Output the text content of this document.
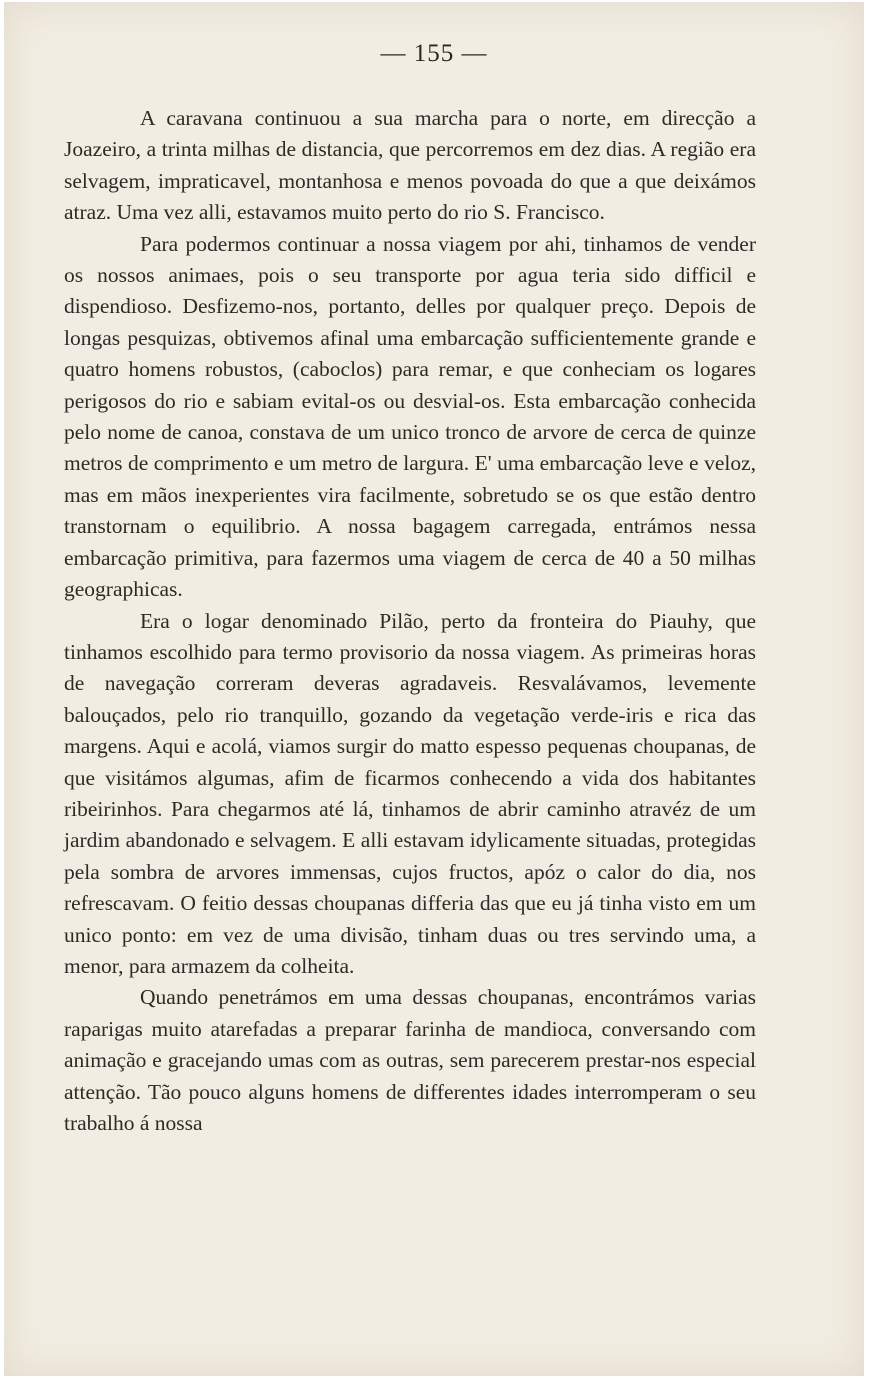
— 155 —

A caravana continuou a sua marcha para o norte, em direcção a Joazeiro, a trinta milhas de distancia, que percorremos em dez dias. A região era selvagem, impraticavel, montanhosa e menos povoada do que a que deixámos atraz. Uma vez alli, estavamos muito perto do rio S. Francisco.

Para podermos continuar a nossa viagem por ahi, tinhamos de vender os nossos animaes, pois o seu transporte por agua teria sido difficil e dispendioso. Desfizemo-nos, portanto, delles por qualquer preço. Depois de longas pesquizas, obtivemos afinal uma embarcação sufficientemente grande e quatro homens robustos, (caboclos) para remar, e que conheciam os logares perigosos do rio e sabiam evital-os ou desvial-os. Esta embarcação conhecida pelo nome de canoa, constava de um unico tronco de arvore de cerca de quinze metros de comprimento e um metro de largura. E' uma embarcação leve e veloz, mas em mãos inexperientes vira facilmente, sobretudo se os que estão dentro transtornam o equilibrio. A nossa bagagem carregada, entrámos nessa embarcação primitiva, para fazermos uma viagem de cerca de 40 a 50 milhas geographicas.

Era o logar denominado Pilão, perto da fronteira do Piauhy, que tinhamos escolhido para termo provisorio da nossa viagem. As primeiras horas de navegação correram deveras agradaveis. Resvalávamos, levemente balouçados, pelo rio tranquillo, gozando da vegetação verde-iris e rica das margens. Aqui e acolá, viamos surgir do matto espesso pequenas choupanas, de que visitámos algumas, afim de ficarmos conhecendo a vida dos habitantes ribeirinhos. Para chegarmos até lá, tinhamos de abrir caminho atravéz de um jardim abandonado e selvagem. E alli estavam idylicamente situadas, protegidas pela sombra de arvores immensas, cujos fructos, apóz o calor do dia, nos refrescavam. O feitio dessas choupanas differia das que eu já tinha visto em um unico ponto: em vez de uma divisão, tinham duas ou tres servindo uma, a menor, para armazem da colheita.

Quando penetrámos em uma dessas choupanas, encontrámos varias raparigas muito atarefadas a preparar farinha de mandioca, conversando com animação e gracejando umas com as outras, sem parecerem prestar-nos especial attenção. Tão pouco alguns homens de differentes idades interromperam o seu trabalho á nossa
